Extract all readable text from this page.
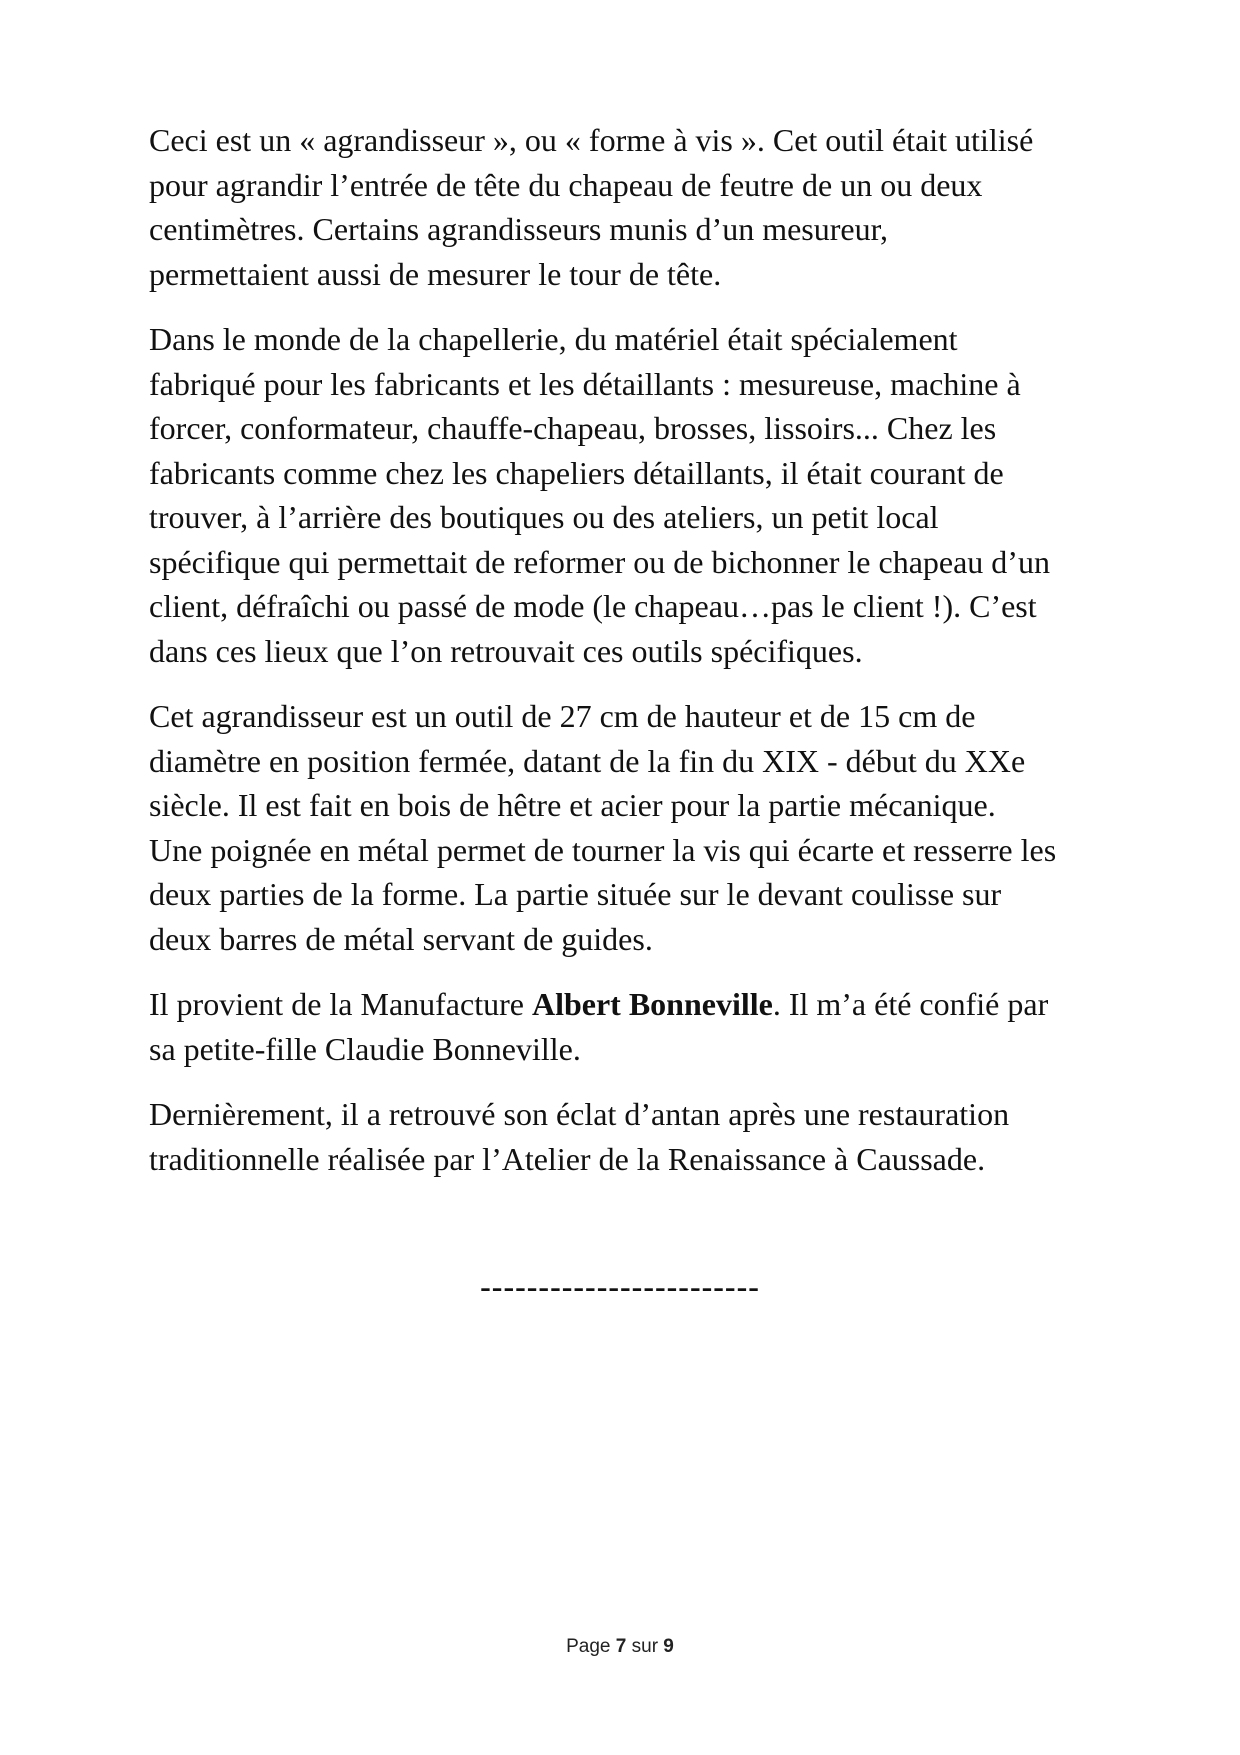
Ceci est un « agrandisseur », ou « forme à vis ». Cet outil était utilisé
pour agrandir l’entrée de tête du chapeau de feutre de un ou deux
centimètres. Certains agrandisseurs munis d’un mesureur,
permettaient aussi de mesurer le tour de tête.

Dans le monde de la chapellerie, du matériel était spécialement
fabriqué pour les fabricants et les détaillants : mesureuse, machine à
forcer, conformateur, chauffe-chapeau, brosses, lissoirs... Chez les
fabricants comme chez les chapeliers détaillants, il était courant de
trouver, à l’arrière des boutiques ou des ateliers, un petit local
spécifique qui permettait de reformer ou de bichonner le chapeau d’un
client, défraîchi ou passé de mode (le chapeau…pas le client !). C’est
dans ces lieux que l’on retrouvait ces outils spécifiques.

Cet agrandisseur est un outil de 27 cm de hauteur et de 15 cm de
diamètre en position fermée, datant de la fin du XIX - début du XXe
siècle. Il est fait en bois de hêtre et acier pour la partie mécanique.
Une poignée en métal permet de tourner la vis qui écarte et resserre les
deux parties de la forme. La partie située sur le devant coulisse sur
deux barres de métal servant de guides.

Il provient de la Manufacture Albert Bonneville. Il m’a été confié par
sa petite-fille Claudie Bonneville.

Dernièrement, il a retrouvé son éclat d’antan après une restauration
traditionnelle réalisée par l’Atelier de la Renaissance à Caussade.

------------------------
Page 7 sur 9
